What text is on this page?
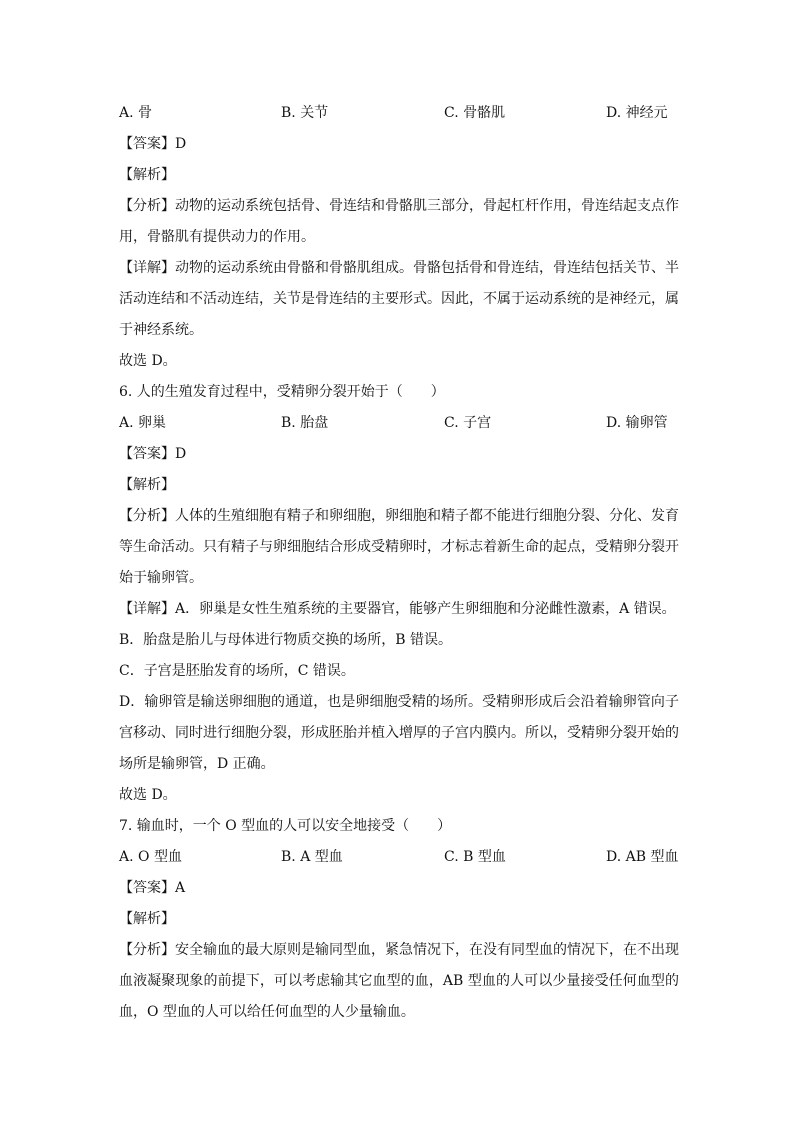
A. 骨	B. 关节	C. 骨骼肌	D. 神经元
【答案】D
【解析】
【分析】动物的运动系统包括骨、骨连结和骨骼肌三部分，骨起杠杆作用，骨连结起支点作用，骨骼肌有提供动力的作用。
【详解】动物的运动系统由骨骼和骨骼肌组成。骨骼包括骨和骨连结，骨连结包括关节、半活动连结和不活动连结，关节是骨连结的主要形式。因此，不属于运动系统的是神经元，属于神经系统。
故选 D。
6. 人的生殖发育过程中，受精卵分裂开始于（　　）
A. 卵巢	B. 胎盘	C. 子宫	D. 输卵管
【答案】D
【解析】
【分析】人体的生殖细胞有精子和卵细胞，卵细胞和精子都不能进行细胞分裂、分化、发育等生命活动。只有精子与卵细胞结合形成受精卵时，才标志着新生命的起点，受精卵分裂开始于输卵管。
【详解】A．卵巢是女性生殖系统的主要器官，能够产生卵细胞和分泌雌性激素，A 错误。
B．胎盘是胎儿与母体进行物质交换的场所，B 错误。
C．子宫是胚胎发育的场所，C 错误。
D．输卵管是输送卵细胞的通道，也是卵细胞受精的场所。受精卵形成后会沿着输卵管向子宫移动、同时进行细胞分裂，形成胚胎并植入增厚的子宫内膜内。所以，受精卵分裂开始的场所是输卵管，D 正确。
故选 D。
7. 输血时，一个 O 型血的人可以安全地接受（　　）
A. O 型血	B. A 型血	C. B 型血	D. AB 型血
【答案】A
【解析】
【分析】安全输血的最大原则是输同型血，紧急情况下，在没有同型血的情况下，在不出现血液凝聚现象的前提下，可以考虑输其它血型的血，AB 型血的人可以少量接受任何血型的血，O 型血的人可以给任何血型的人少量输血。
